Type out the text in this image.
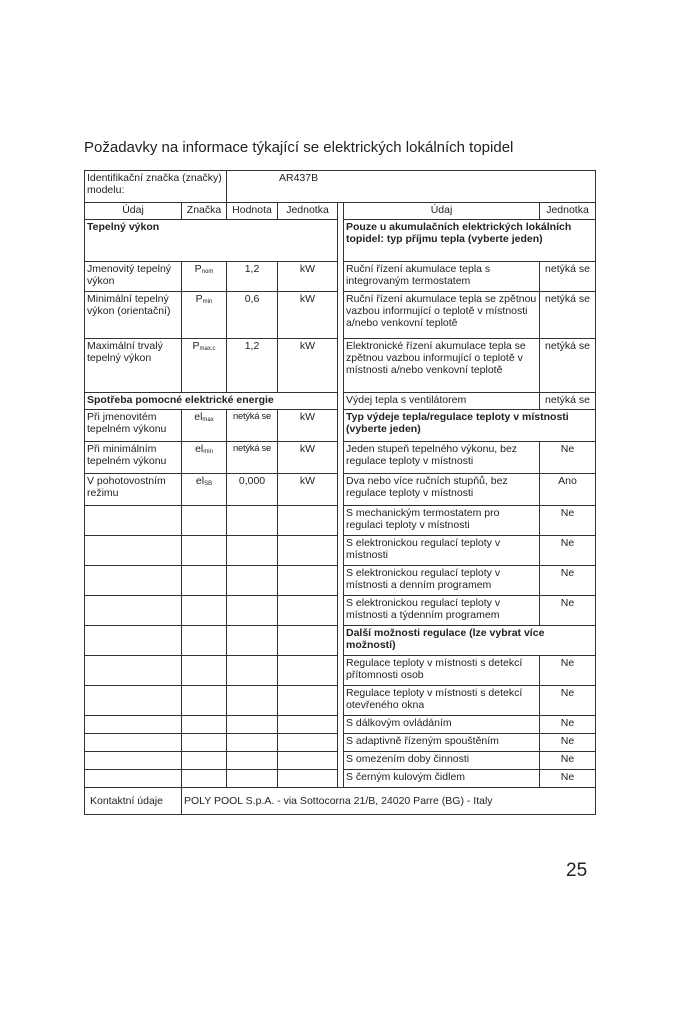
Požadavky na informace týkající se elektrických lokálních topidel
Identifikační značka (značky) modelu:		AR437B				
Údaj	Značka	Hodnota	Jednotka		Údaj	Jednotka
Tepelný výkon					Pouze u akumulačních elektrických lokálních topidel: typ příjmu tepla (vyberte jeden)	
Jmenovitý tepelný výkon	Pnom	1,2	kW		Ruční řízení akumulace tepla s integrovaným termostatem	netýká se
Minimální tepelný výkon (orientační)	Pmin	0,6	kW		Ruční řízení akumulace tepla se zpětnou vazbou informující o teplotě v místnosti a/nebo venkovní teplotě	netýká se
Maximální trvalý tepelný výkon	Pmax,c	1,2	kW		Elektronické řízení akumulace tepla se zpětnou vazbou informující o teplotě v místnosti a/nebo venkovní teplotě	netýká se
Spotřeba pomocné elektrické energie					Výdej tepla s ventilátorem	netýká se
Při jmenovitém tepelném výkonu	elmax	netýká se	kW		Typ výdeje tepla/regulace teploty v místnosti (vyberte jeden)	
Při minimálním tepelném výkonu	elmin	netýká se	kW		Jeden stupeň tepelného výkonu, bez regulace teploty v místnosti	Ne
V pohotovostním režimu	elSB	0,000	kW		Dva nebo více ručních stupňů, bez regulace teploty v místnosti	Ano
					S mechanickým termostatem pro regulaci teploty v místnosti	Ne
					S elektronickou regulací teploty v místnosti	Ne
					S elektronickou regulací teploty v místnosti a denním programem	Ne
					S elektronickou regulací teploty v místnosti a týdenním programem	Ne
					Další možnosti regulace (lze vybrat více možností)	
					Regulace teploty v místnosti s detekcí přítomnosti osob	Ne
					Regulace teploty v místnosti s detekcí otevřeného okna	Ne
					S dálkovým ovládáním	Ne
					S adaptivně řízeným spouštěním	Ne
					S omezením doby činnosti	Ne
					S černým kulovým čidlem	Ne
Kontaktní údaje	POLY POOL S.p.A. - via Sottocorna 21/B, 24020 Parre (BG) - Italy					
25
